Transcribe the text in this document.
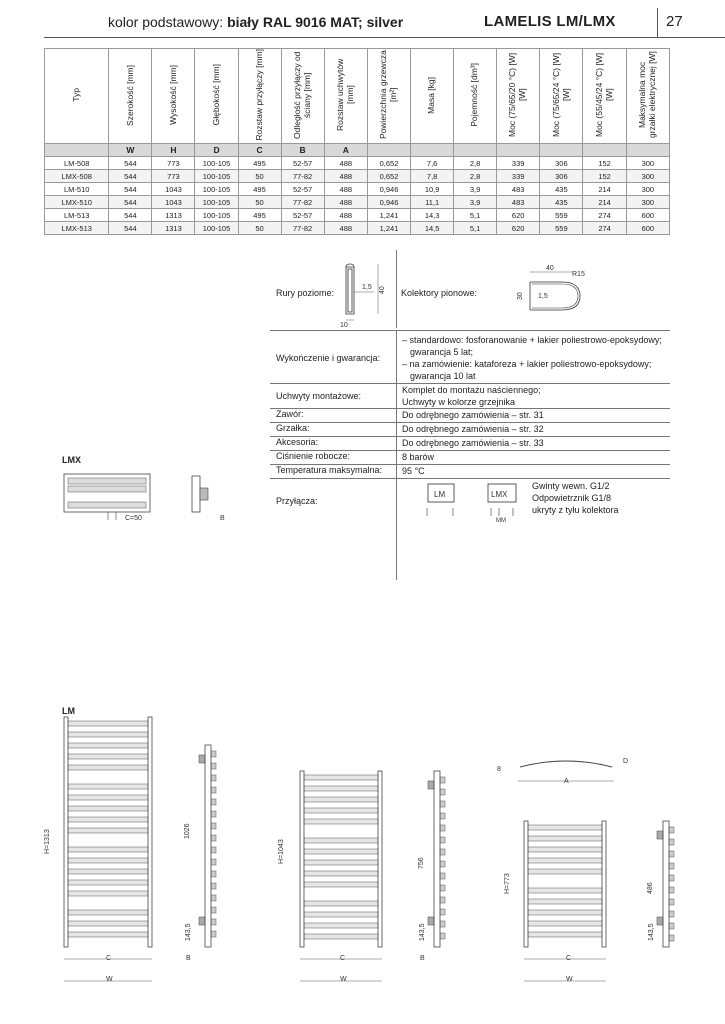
kolor podstawowy: biały RAL 9016 MAT; silver	LAMELIS LM/LMX	27
Typ	Szerokość [mm]	Wysokość [mm]	Głębokość [mm]	Rozstaw przyłączy [mm]	Odległość przyłączy od ściany [mm]	Rozstaw uchwytów [mm]	Powierzchnia grzewcza [m²]	Masa [kg]	Pojemność [dm³]	Moc (75/65/20 °C) [W] [W]	Moc (75/65/24 °C) [W] [W]	Moc (55/45/24 °C) [W] [W]	Maksymalna moc grzałki elektrycznej [W]
	W	H	D	C	B	A							
LM-508	544	773	100-105	495	52-57	488	0,652	7,6	2,8	339	306	152	300
LMX-508	544	773	100-105	50	77-82	488	0,652	7,8	2,8	339	306	152	300
LM-510	544	1043	100-105	495	52-57	488	0,946	10,9	3,9	483	435	214	300
LMX-510	544	1043	100-105	50	77-82	488	0,946	11,1	3,9	483	435	214	300
LM-513	544	1313	100-105	495	52-57	488	1,241	14,3	5,1	620	559	274	600
LMX-513	544	1313	100-105	50	77-82	488	1,241	14,5	5,1	620	559	274	600
Rury poziome:
1,5 40
10
Kolektory pionowe:
40
R15
30 1,5
Wykończenie i gwarancja:
– standardowo: fosforanowanie + lakier poliestrowo-epoksydowy;
gwarancja 5 lat;
– na zamówienie: kataforeza + lakier poliestrowo-epoksydowy;
gwarancja 10 lat
Uchwyty montażowe:
Komplet do montażu naściennego;
Uchwyty w kolorze grzejnika
Zawór:	Do odrębnego zamówienia – str. 31
Grzałka:	Do odrębnego zamówienia – str. 32
Akcesoria:	Do odrębnego zamówienia – str. 33
Ciśnienie robocze:	8 barów
Temperatura maksymalna: 95 °C
Przyłącza:
LM	LMX
MM
Gwinty wewn. G1/2
Odpowietrznik G1/8
ukryty z tyłu kolektora
LMX
C=50	B
LM
H=1313	1026
143,5
C
W
B
H=1043	756
143,5
C
W
B
H=773	486
143,5
C
W
A
D
8
